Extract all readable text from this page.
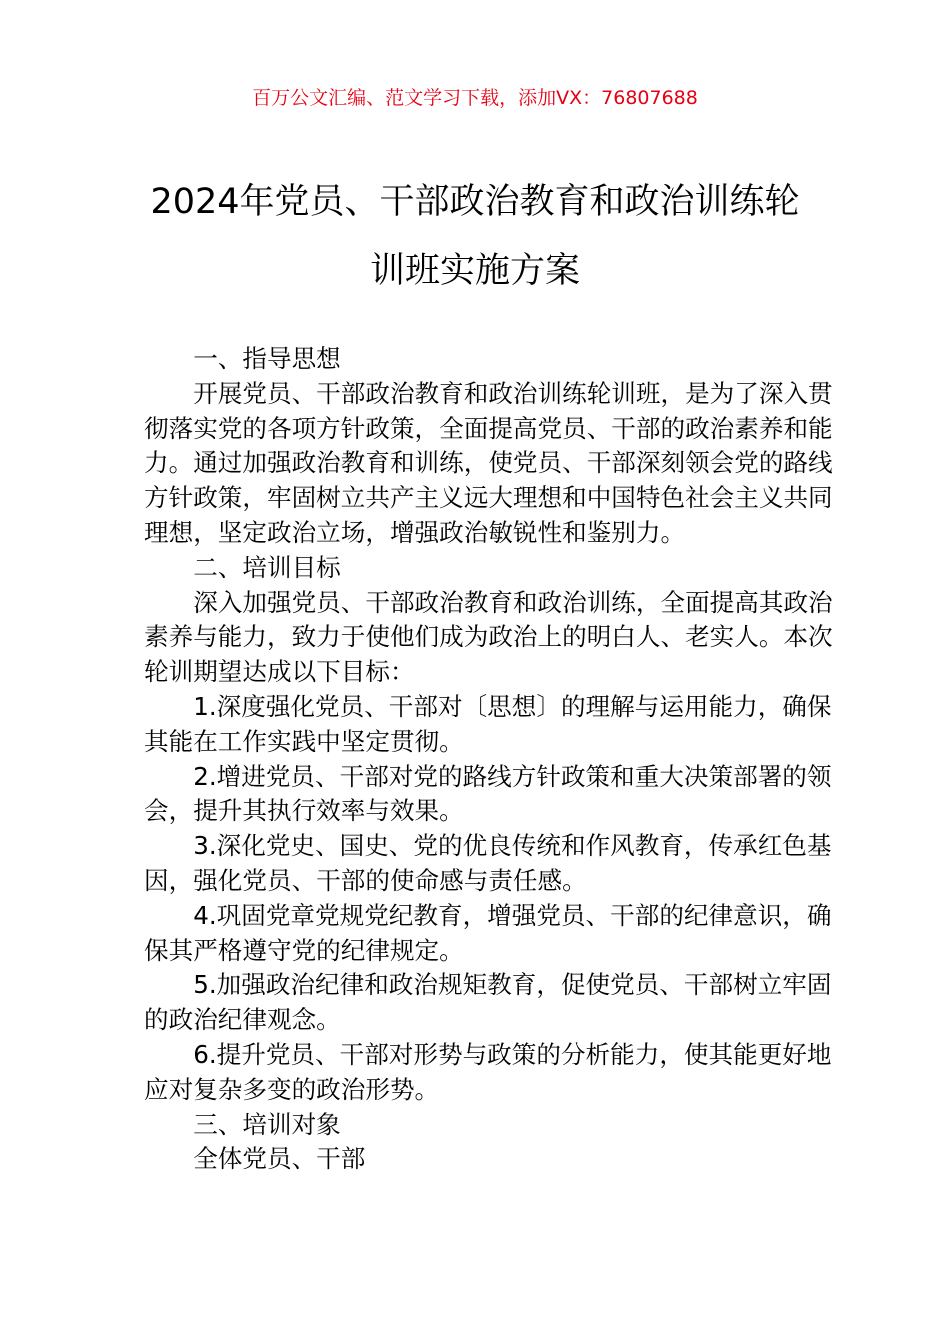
百万公文汇编、范文学习下载，添加VX：76807688
2024年党员、干部政治教育和政治训练轮
训班实施方案

一、指导思想

开展党员、干部政治教育和政治训练轮训班，是为了深入贯彻落实党的各项方针政策，全面提高党员、干部的政治素养和能力。通过加强政治教育和训练，使党员、干部深刻领会党的路线方针政策，牢固树立共产主义远大理想和中国特色社会主义共同理想，坚定政治立场，增强政治敏锐性和鉴别力。

二、培训目标

深入加强党员、干部政治教育和政治训练，全面提高其政治素养与能力，致力于使他们成为政治上的明白人、老实人。本次轮训期望达成以下目标：

1.深度强化党员、干部对〔思想〕的理解与运用能力，确保其能在工作实践中坚定贯彻。

2.增进党员、干部对党的路线方针政策和重大决策部署的领会，提升其执行效率与效果。

3.深化党史、国史、党的优良传统和作风教育，传承红色基因，强化党员、干部的使命感与责任感。

4.巩固党章党规党纪教育，增强党员、干部的纪律意识，确保其严格遵守党的纪律规定。

5.加强政治纪律和政治规矩教育，促使党员、干部树立牢固的政治纪律观念。

6.提升党员、干部对形势与政策的分析能力，使其能更好地应对复杂多变的政治形势。

三、培训对象

全体党员、干部
